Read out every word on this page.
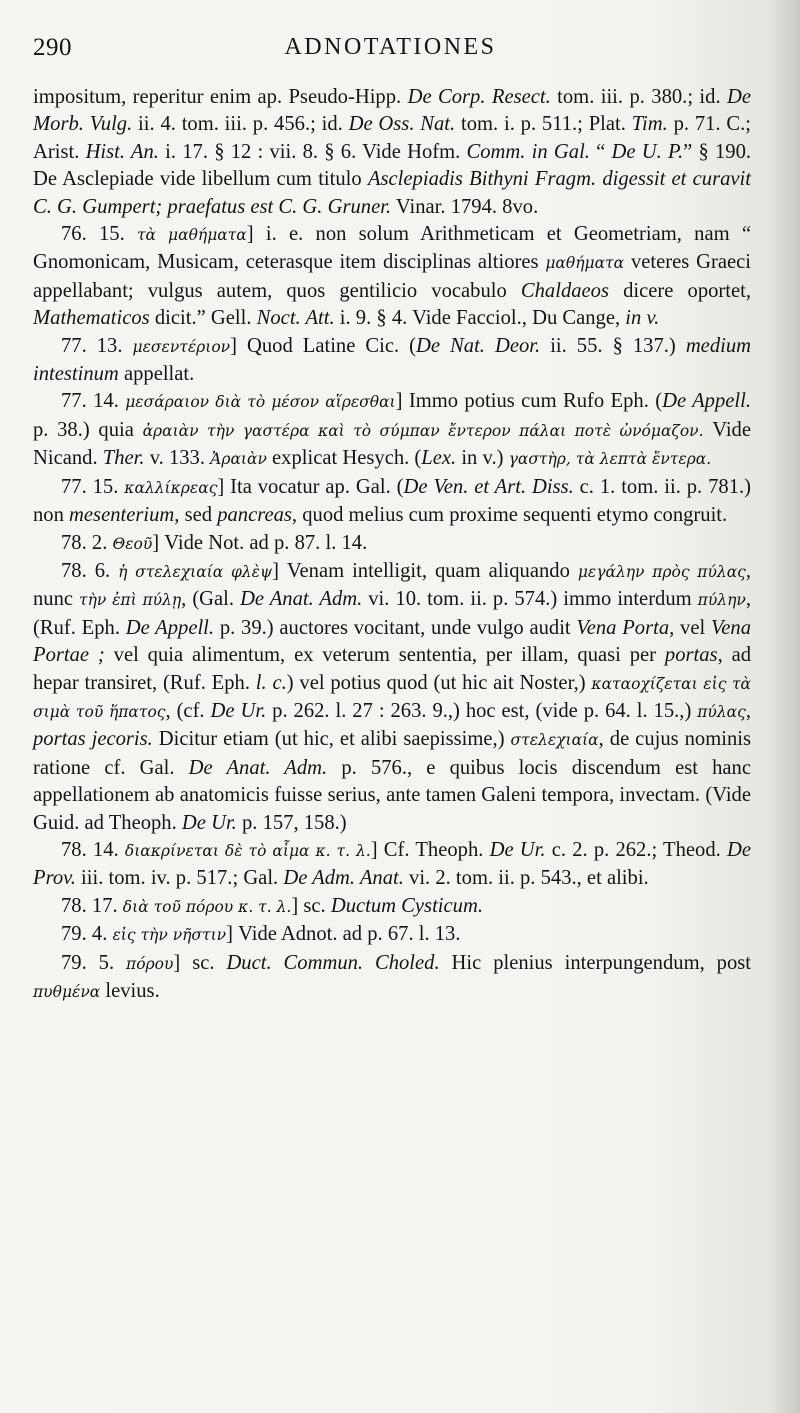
290	ADNOTATIONES

impositum, reperitur enim ap. Pseudo-Hipp. De Corp. Resect. tom. iii. p. 380.; id. De Morb. Vulg. ii. 4. tom. iii. p. 456.; id. De Oss. Nat. tom. i. p. 511.; Plat. Tim. p. 71. C.; Arist. Hist. An. i. 17. § 12 : vii. 8. § 6. Vide Hofm. Comm. in Gal. “ De U. P.” § 190. De Asclepiade vide libellum cum titulo Asclepiadis Bithyni Fragm. digessit et curavit C. G. Gumpert; praefatus est C. G. Gruner. Vinar. 1794. 8vo.

76. 15. τὰ μαθήματα] i. e. non solum Arithmeticam et Geometriam, nam “ Gnomonicam, Musicam, ceterasque item disciplinas altiores μαθήματα veteres Graeci appellabant; vulgus autem, quos gentilicio vocabulo Chaldaeos dicere oportet, Mathematicos dicit.” Gell. Noct. Att. i. 9. § 4. Vide Facciol., Du Cange, in v.

77. 13. μεσεντέριον] Quod Latine Cic. (De Nat. Deor. ii. 55. § 137.) medium intestinum appellat.

77. 14. μεσάραιον διὰ τὸ μέσον αἵρεσθαι] Immo potius cum Rufo Eph. (De Appell. p. 38.) quia ἀραιὰν τὴν γαστέρα καὶ τὸ σύμπαν ἔντερον πάλαι ποτὲ ὠνόμαζον. Vide Nicand. Ther. v. 133. Ἀραιὰν explicat Hesych. (Lex. in v.) γαστὴρ, τὰ λεπτὰ ἔντερα.

77. 15. καλλίκρεας] Ita vocatur ap. Gal. (De Ven. et Art. Diss. c. 1. tom. ii. p. 781.) non mesenterium, sed pancreas, quod melius cum proxime sequenti etymo congruit.

78. 2. Θεοῦ] Vide Not. ad p. 87. l. 14.

78. 6. ἡ στελεχιαία φλὲψ] Venam intelligit, quam aliquando μεγάλην πρὸς πύλας, nunc τὴν ἐπὶ πύλῃ, (Gal. De Anat. Adm. vi. 10. tom. ii. p. 574.) immo interdum πύλην, (Ruf. Eph. De Appell. p. 39.) auctores vocitant, unde vulgo audit Vena Porta, vel Vena Portae ; vel quia alimentum, ex veterum sententia, per illam, quasi per portas, ad hepar transiret, (Ruf. Eph. l. c.) vel potius quod (ut hic ait Noster,) καταοχίζεται εἰς τὰ σιμὰ τοῦ ἥπατος, (cf. De Ur. p. 262. l. 27 : 263. 9.,) hoc est, (vide p. 64. l. 15.,) πύλας, portas jecoris. Dicitur etiam (ut hic, et alibi saepissime,) στελεχιαία, de cujus nominis ratione cf. Gal. De Anat. Adm. p. 576., e quibus locis discendum est hanc appellationem ab anatomicis fuisse serius, ante tamen Galeni tempora, invectam. (Vide Guid. ad Theoph. De Ur. p. 157, 158.)

78. 14. διακρίνεται δὲ τὸ αἷμα κ. τ. λ.] Cf. Theoph. De Ur. c. 2. p. 262.; Theod. De Prov. iii. tom. iv. p. 517.; Gal. De Adm. Anat. vi. 2. tom. ii. p. 543., et alibi.

78. 17. διὰ τοῦ πόρου κ. τ. λ.] sc. Ductum Cysticum.

79. 4. εἰς τὴν νῆστιν] Vide Adnot. ad p. 67. l. 13.

79. 5. πόρου] sc. Duct. Commun. Choled. Hic plenius interpungendum, post πυθμένα levius.
